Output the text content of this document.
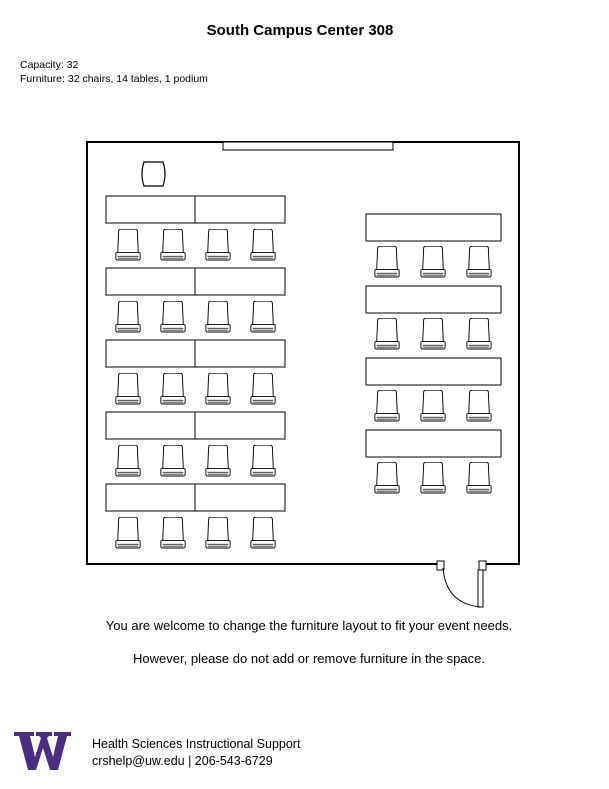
South Campus Center 308
Capacity: 32
Furniture: 32 chairs, 14 tables, 1 podium
You are welcome to change the furniture layout to fit your event needs.
However, please do not add or remove furniture in the space.
Health Sciences Instructional Support
crshelp@uw.edu | 206-543-6729
